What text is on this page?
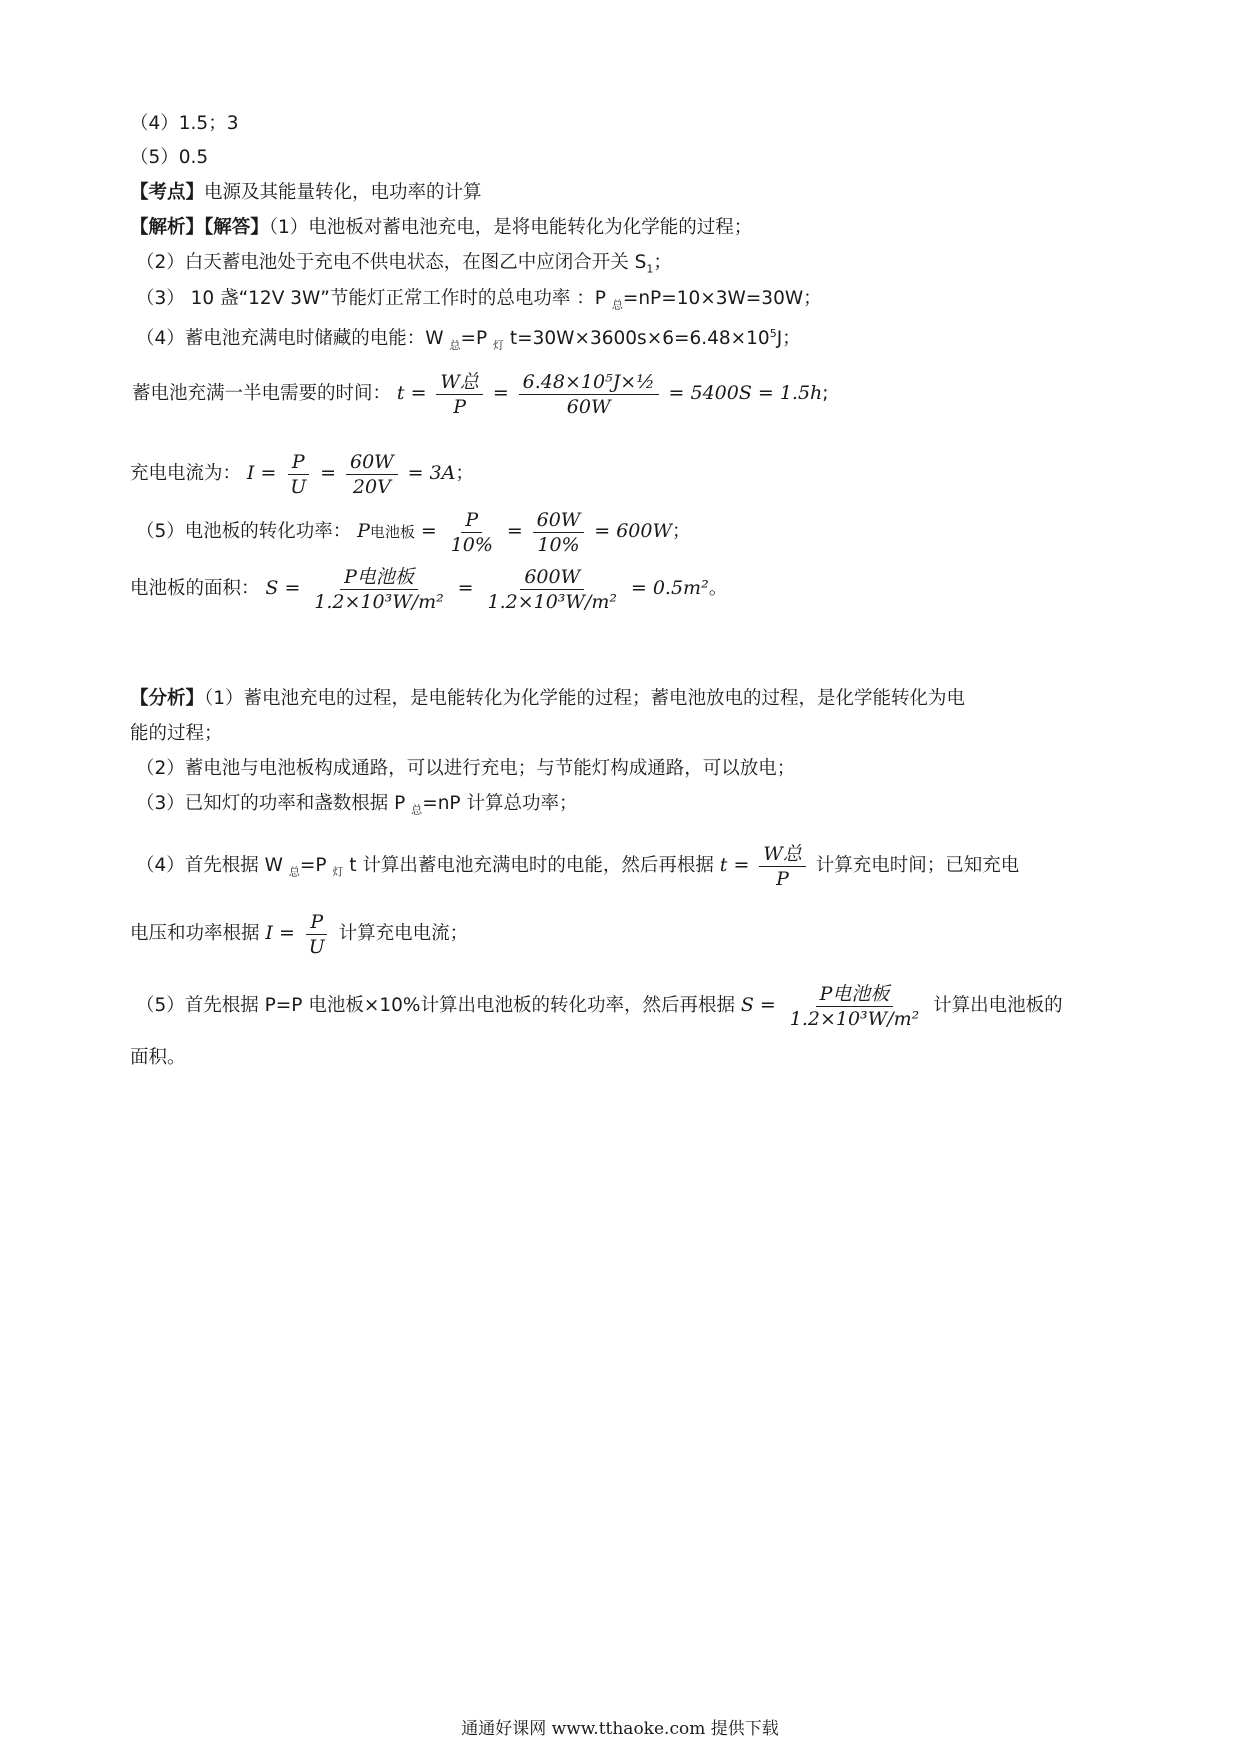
（4）1.5；3
（5）0.5
【考点】电源及其能量转化，电功率的计算
【解析】【解答】（1）电池板对蓄电池充电，是将电能转化为化学能的过程；
（2）白天蓄电池处于充电不供电状态，在图乙中应闭合开关 $S_1$；
（3） 10 盏“12V 3W”节能灯正常工作时的总电功率 ：P $_总$=nP=10×3W=30W；
（4）蓄电池充满电时储藏的电能：W $_总$=P $_灯$ $t=30W\times 3600s\times 6=6.48\times 10^5J$；
蓄电池充满一半电需要的时间： $t = \frac{\text{W总}}{P} = \frac{\text{6.48×10⁵J×½}}{60W} = 5400S = 1.5h$;
充电电流为： $I = \frac{P}{U} = \frac{60W}{20V} = 3A$；
（5）电池板的转化功率： P电池板 = $\frac{P}{10\%} = \frac{60W}{10\%} = 600W$；
电池板的面积： $S = \frac{\text{P电池板}}{\text{1.2×10³W/m²}} = \frac{600W}{\text{1.2×10³W/m²}} = 0.5m^2$。
【分析】（1）蓄电池充电的过程，是电能转化为化学能的过程；蓄电池放电的过程，是化学能转化为电
能的过程；
（2）蓄电池与电池板构成通路，可以进行充电；与节能灯构成通路，可以放电；
（3）已知灯的功率和盏数根据 P $_总$=nP 计算总功率；
（4）首先根据 W $_总$=P $_灯$ t 计算出蓄电池充满电时的电能，然后再根据 $t = \frac{\text{W总}}{P}$ 计算充电时间；已知充电
电压和功率根据 $I = \frac{P}{U}$ 计算充电电流；
（5）首先根据 P=P 电池板×10%计算出电池板的转化功率，然后再根据 $S = \frac{\text{P电池板}}{\text{1.2×10³W/m²}}$ 计算出电池板的
面积。
通通好课网 www.tthaoke.com 提供下载
